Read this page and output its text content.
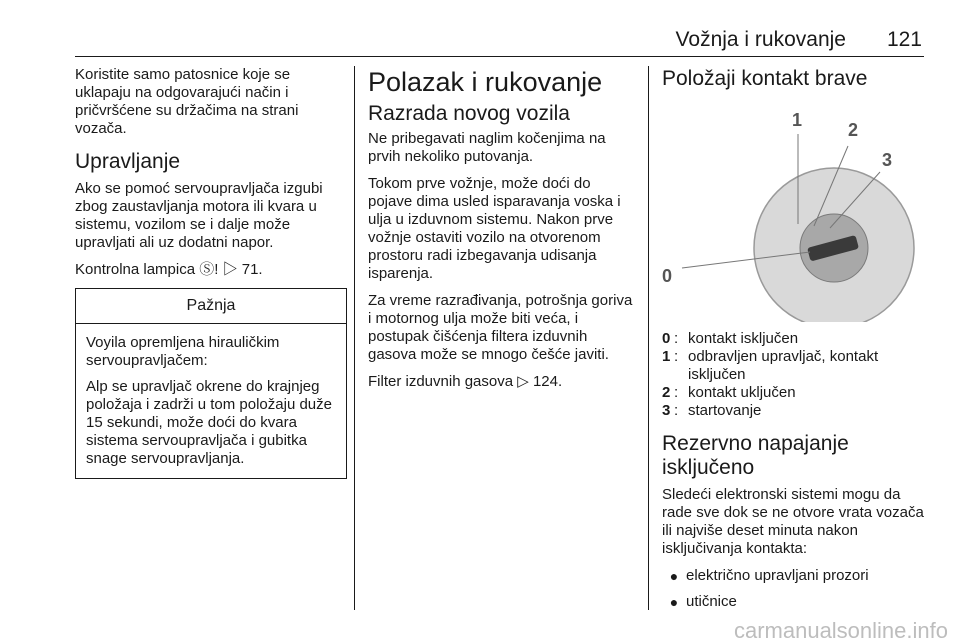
Vožnja i rukovanje 121

Koristite samo patosnice koje se uklapaju na odgovarajući način i pričvršćene su držačima na strani vozača.

Upravljanje

Ako se pomoć servoupravljača izgubi zbog zaustavljanja motora ili kvara u sistemu, vozilom se i dalje može upravljati ali uz dodatni napor.

Kontrolna lampica Ⓢ! ▷ 71.

Pažnja

Voyila opremljena hirauličkim servoupravljačem:

Alp se upravljač okrene do krajnjeg položaja i zadrži u tom položaju duže 15 sekundi, može doći do kvara sistema servoupravljača i gubitka snage servoupravljanja.

Polazak i rukovanje
Razrada novog vozila

Ne pribegavati naglim kočenjima na prvih nekoliko putovanja.

Tokom prve vožnje, može doći do pojave dima usled isparavanja voska i ulja u izduvnom sistemu. Nakon prve vožnje ostaviti vozilo na otvorenom prostoru radi izbegavanja udisanja isparenja.

Za vreme razrađivanja, potrošnja goriva i motornog ulja može biti veća, i postupak čišćenja filtera izduvnih gasova može se mnogo češće javiti.

Filter izduvnih gasova ▷ 124.

Položaji kontakt brave
0
1	2
3
0 : kontakt isključen
1 : odbravljen upravljač, kontakt isključen
2 : kontakt uključen
3 : startovanje
Rezervno napajanje isključeno

Sledeći elektronski sistemi mogu da rade sve dok se ne otvore vrata vozača ili najviše deset minuta nakon isključivanja kontakta:

● električno upravljani prozori
● utičnice
carmanualsonline.info
